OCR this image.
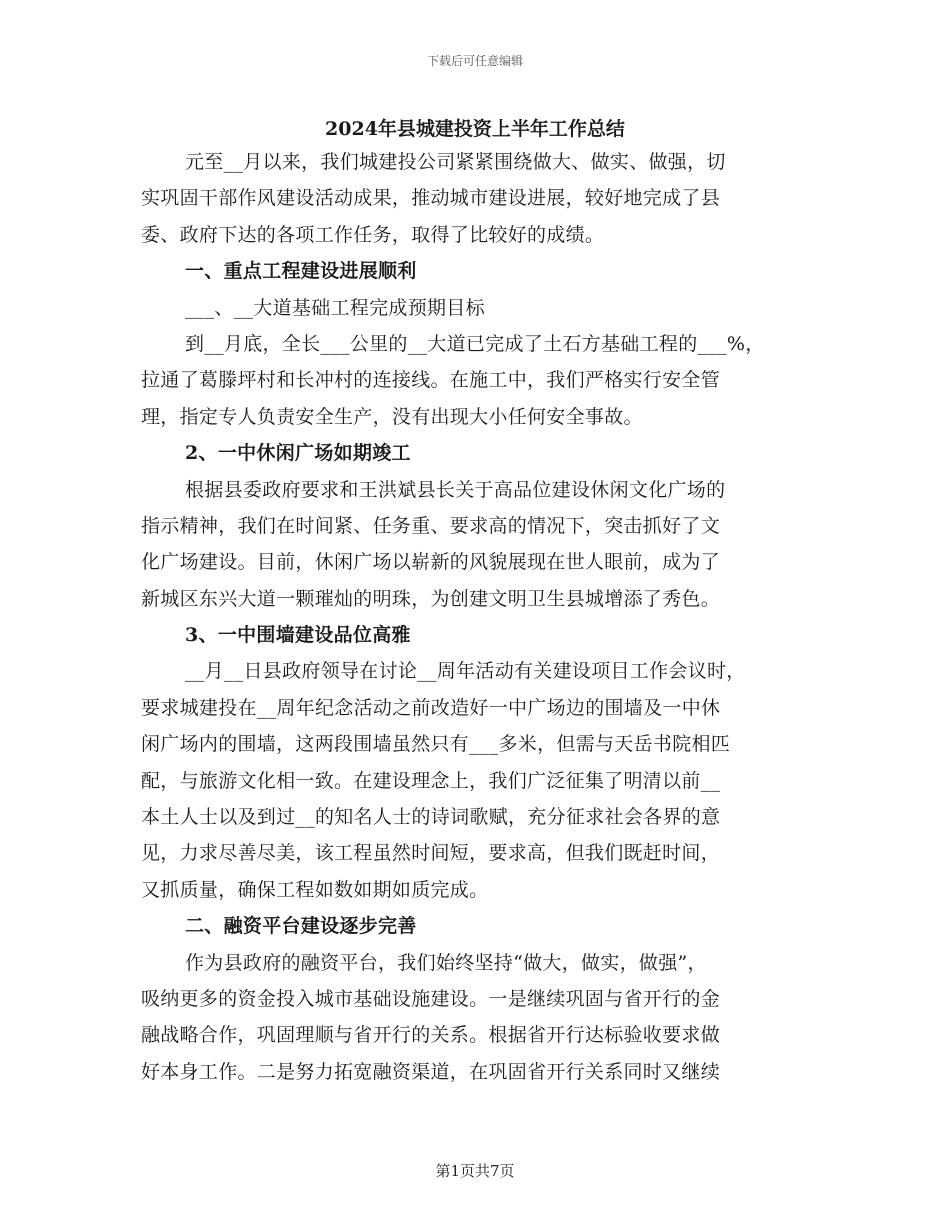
下载后可任意编辑
2024年县城建投资上半年工作总结
元至__月以来，我们城建投公司紧紧围绕做大、做实、做强，切
实巩固干部作风建设活动成果，推动城市建设进展，较好地完成了县
委、政府下达的各项工作任务，取得了比较好的成绩。
一、重点工程建设进展顺利
___、__大道基础工程完成预期目标
到__月底，全长___公里的__大道已完成了土石方基础工程的___%，
拉通了葛滕坪村和长冲村的连接线。在施工中，我们严格实行安全管
理，指定专人负责安全生产，没有出现大小任何安全事故。
2、一中休闲广场如期竣工
根据县委政府要求和王洪斌县长关于高品位建设休闲文化广场的
指示精神，我们在时间紧、任务重、要求高的情况下，突击抓好了文
化广场建设。目前，休闲广场以崭新的风貌展现在世人眼前，成为了
新城区东兴大道一颗璀灿的明珠，为创建文明卫生县城增添了秀色。
3、一中围墙建设品位高雅
__月__日县政府领导在讨论__周年活动有关建设项目工作会议时，
要求城建投在__周年纪念活动之前改造好一中广场边的围墙及一中休
闲广场内的围墙，这两段围墙虽然只有___多米，但需与天岳书院相匹
配，与旅游文化相一致。在建设理念上，我们广泛征集了明清以前__
本土人士以及到过__的知名人士的诗词歌赋，充分征求社会各界的意
见，力求尽善尽美，该工程虽然时间短，要求高，但我们既赶时间，
又抓质量，确保工程如数如期如质完成。
二、融资平台建设逐步完善
作为县政府的融资平台，我们始终坚持“做大，做实，做强”，
吸纳更多的资金投入城市基础设施建设。一是继续巩固与省开行的金
融战略合作，巩固理顺与省开行的关系。根据省开行达标验收要求做
好本身工作。二是努力拓宽融资渠道，在巩固省开行关系同时又继续
第1页共7页
